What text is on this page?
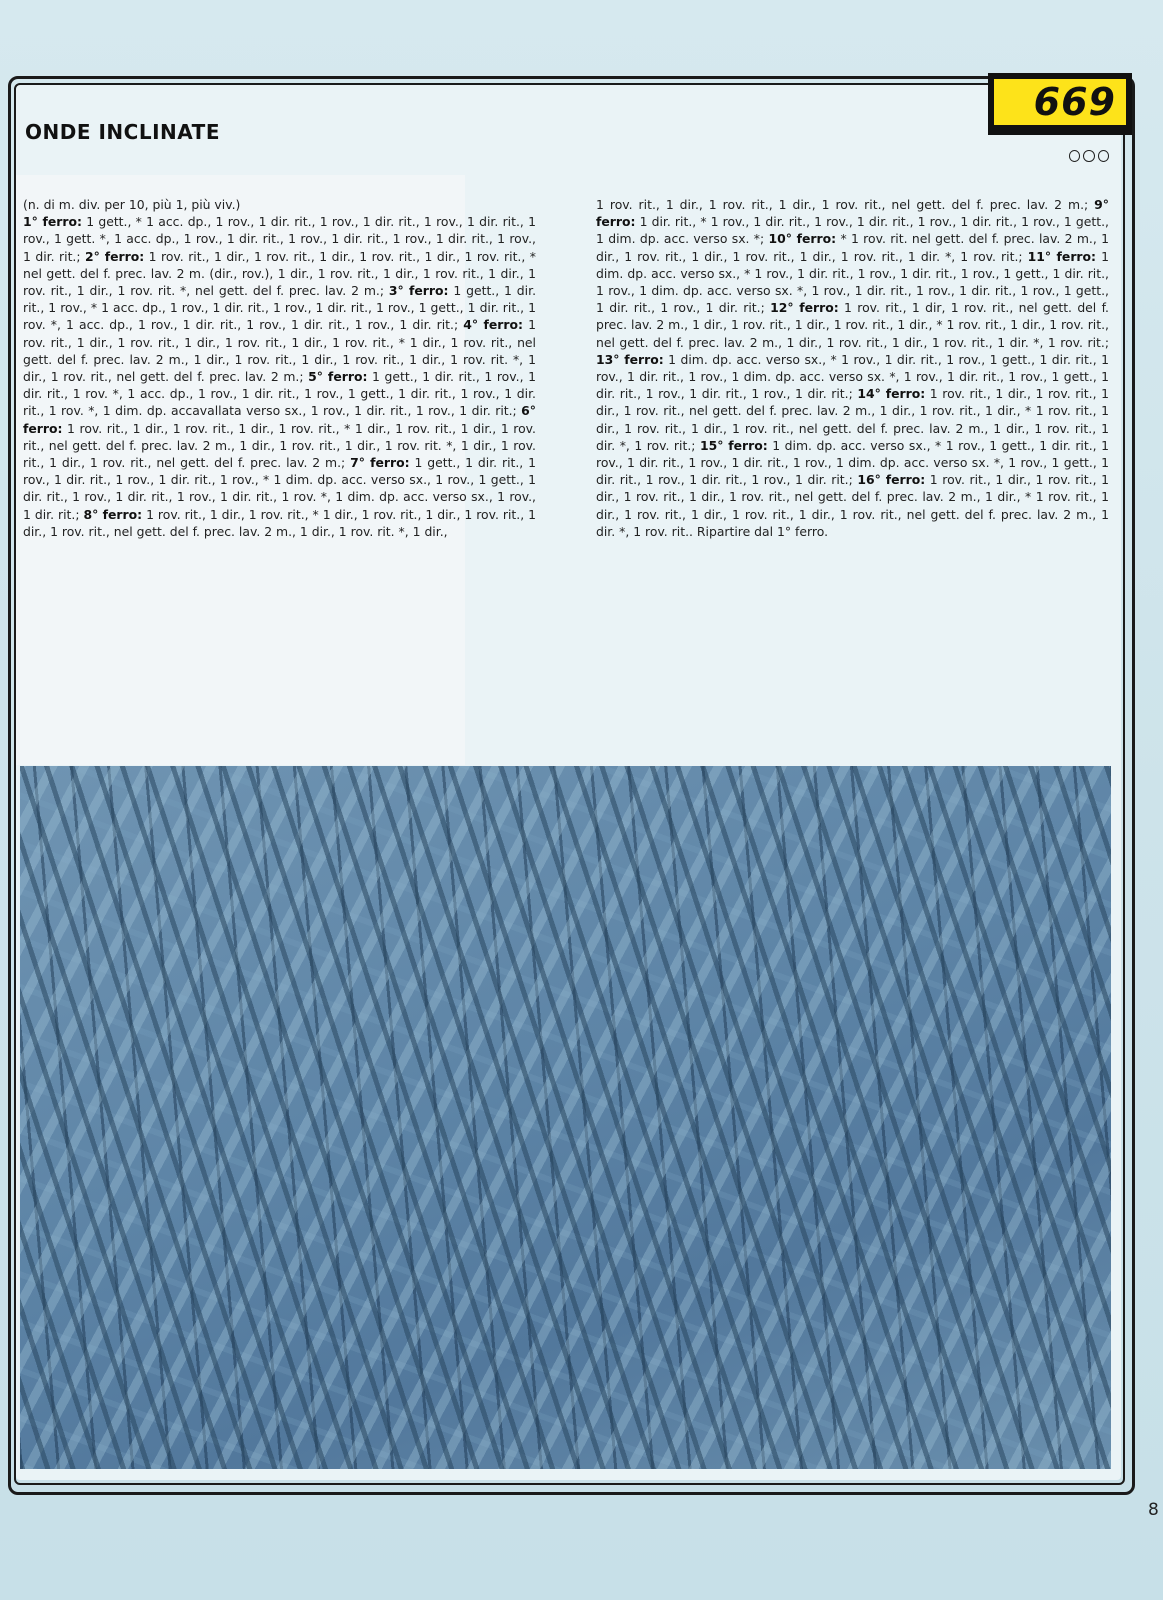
669
ONDE INCLINATE
(n. di m. div. per 10, più 1, più viv.)
1° ferro: 1 gett., * 1 acc. dp., 1 rov., 1 dir. rit., 1 rov., 1 dir. rit., 1 rov., 1 dir. rit., 1 rov., 1 gett. *, 1 acc. dp., 1 rov., 1 dir. rit., 1 rov., 1 dir. rit., 1 rov., 1 dir. rit., 1 rov., 1 dir. rit.; 2° ferro: 1 rov. rit., 1 dir., 1 rov. rit., 1 dir., 1 rov. rit., 1 dir., 1 rov. rit., * nel gett. del f. prec. lav. 2 m. (dir., rov.), 1 dir., 1 rov. rit., 1 dir., 1 rov. rit., 1 dir., 1 rov. rit., 1 dir., 1 rov. rit. *, nel gett. del f. prec. lav. 2 m.; 3° ferro: 1 gett., 1 dir. rit., 1 rov., * 1 acc. dp., 1 rov., 1 dir. rit., 1 rov., 1 dir. rit., 1 rov., 1 gett., 1 dir. rit., 1 rov. *, 1 acc. dp., 1 rov., 1 dir. rit., 1 rov., 1 dir. rit., 1 rov., 1 dir. rit.; 4° ferro: 1 rov. rit., 1 dir., 1 rov. rit., 1 dir., 1 rov. rit., 1 dir., 1 rov. rit., * 1 dir., 1 rov. rit., nel gett. del f. prec. lav. 2 m., 1 dir., 1 rov. rit., 1 dir., 1 rov. rit., 1 dir., 1 rov. rit. *, 1 dir., 1 rov. rit., nel gett. del f. prec. lav. 2 m.; 5° ferro: 1 gett., 1 dir. rit., 1 rov., 1 dir. rit., 1 rov. *, 1 acc. dp., 1 rov., 1 dir. rit., 1 rov., 1 gett., 1 dir. rit., 1 rov., 1 dir. rit., 1 rov. *, 1 dim. dp. accavallata verso sx., 1 rov., 1 dir. rit., 1 rov., 1 dir. rit.; 6° ferro: 1 rov. rit., 1 dir., 1 rov. rit., 1 dir., 1 rov. rit., * 1 dir., 1 rov. rit., 1 dir., 1 rov. rit., nel gett. del f. prec. lav. 2 m., 1 dir., 1 rov. rit., 1 dir., 1 rov. rit. *, 1 dir., 1 rov. rit., 1 dir., 1 rov. rit., nel gett. del f. prec. lav. 2 m.; 7° ferro: 1 gett., 1 dir. rit., 1 rov., 1 dir. rit., 1 rov., 1 dir. rit., 1 rov., * 1 dim. dp. acc. verso sx., 1 rov., 1 gett., 1 dir. rit., 1 rov., 1 dir. rit., 1 rov., 1 dir. rit., 1 rov. *, 1 dim. dp. acc. verso sx., 1 rov., 1 dir. rit.; 8° ferro: 1 rov. rit., 1 dir., 1 rov. rit., * 1 dir., 1 rov. rit., 1 dir., 1 rov. rit., 1 dir., 1 rov. rit., nel gett. del f. prec. lav. 2 m., 1 dir., 1 rov. rit. *, 1 dir.,
1 rov. rit., 1 dir., 1 rov. rit., 1 dir., 1 rov. rit., nel gett. del f. prec. lav. 2 m.; 9° ferro: 1 dir. rit., * 1 rov., 1 dir. rit., 1 rov., 1 dir. rit., 1 rov., 1 dir. rit., 1 rov., 1 gett., 1 dim. dp. acc. verso sx. *; 10° ferro: * 1 rov. rit. nel gett. del f. prec. lav. 2 m., 1 dir., 1 rov. rit., 1 dir., 1 rov. rit., 1 dir., 1 rov. rit., 1 dir. *, 1 rov. rit.; 11° ferro: 1 dim. dp. acc. verso sx., * 1 rov., 1 dir. rit., 1 rov., 1 dir. rit., 1 rov., 1 gett., 1 dir. rit., 1 rov., 1 dim. dp. acc. verso sx. *, 1 rov., 1 dir. rit., 1 rov., 1 dir. rit., 1 rov., 1 gett., 1 dir. rit., 1 rov., 1 dir. rit.; 12° ferro: 1 rov. rit., 1 dir, 1 rov. rit., nel gett. del f. prec. lav. 2 m., 1 dir., 1 rov. rit., 1 dir., 1 rov. rit., 1 dir., * 1 rov. rit., 1 dir., 1 rov. rit., nel gett. del f. prec. lav. 2 m., 1 dir., 1 rov. rit., 1 dir., 1 rov. rit., 1 dir. *, 1 rov. rit.; 13° ferro: 1 dim. dp. acc. verso sx., * 1 rov., 1 dir. rit., 1 rov., 1 gett., 1 dir. rit., 1 rov., 1 dir. rit., 1 rov., 1 dim. dp. acc. verso sx. *, 1 rov., 1 dir. rit., 1 rov., 1 gett., 1 dir. rit., 1 rov., 1 dir. rit., 1 rov., 1 dir. rit.; 14° ferro: 1 rov. rit., 1 dir., 1 rov. rit., 1 dir., 1 rov. rit., nel gett. del f. prec. lav. 2 m., 1 dir., 1 rov. rit., 1 dir., * 1 rov. rit., 1 dir., 1 rov. rit., 1 dir., 1 rov. rit., nel gett. del f. prec. lav. 2 m., 1 dir., 1 rov. rit., 1 dir. *, 1 rov. rit.; 15° ferro: 1 dim. dp. acc. verso sx., * 1 rov., 1 gett., 1 dir. rit., 1 rov., 1 dir. rit., 1 rov., 1 dir. rit., 1 rov., 1 dim. dp. acc. verso sx. *, 1 rov., 1 gett., 1 dir. rit., 1 rov., 1 dir. rit., 1 rov., 1 dir. rit.; 16° ferro: 1 rov. rit., 1 dir., 1 rov. rit., 1 dir., 1 rov. rit., 1 dir., 1 rov. rit., nel gett. del f. prec. lav. 2 m., 1 dir., * 1 rov. rit., 1 dir., 1 rov. rit., 1 dir., 1 rov. rit., 1 dir., 1 rov. rit., nel gett. del f. prec. lav. 2 m., 1 dir. *, 1 rov. rit.. Ripartire dal 1° ferro.
8
